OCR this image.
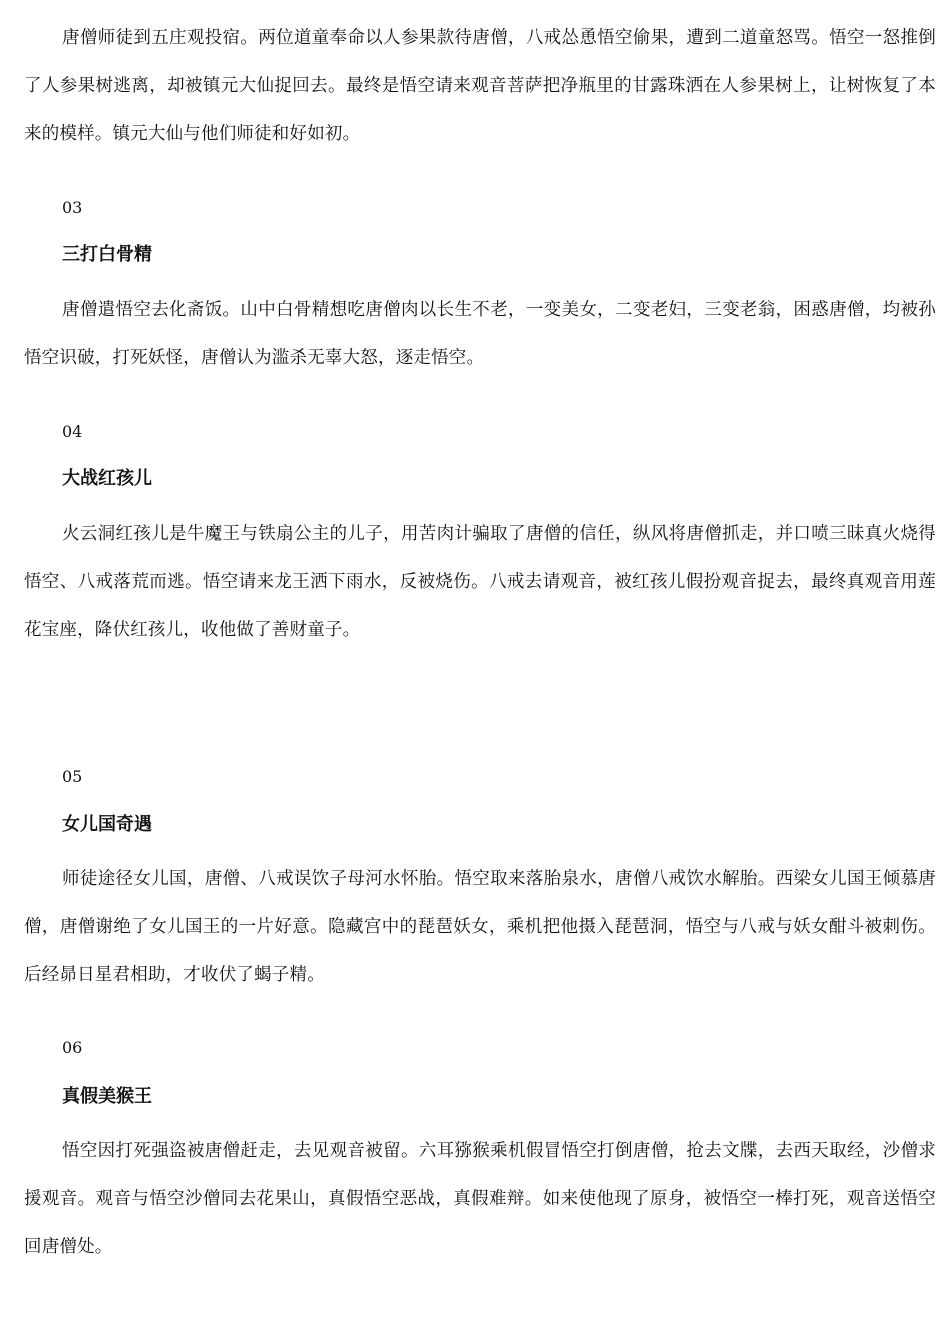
唐僧师徒到五庄观投宿。两位道童奉命以人参果款待唐僧，八戒怂恿悟空偷果，遭到二道童怒骂。悟空一怒推倒了人参果树逃离，却被镇元大仙捉回去。最终是悟空请来观音菩萨把净瓶里的甘露珠洒在人参果树上，让树恢复了本来的模样。镇元大仙与他们师徒和好如初。

03
三打白骨精

唐僧遣悟空去化斋饭。山中白骨精想吃唐僧肉以长生不老，一变美女，二变老妇，三变老翁，困惑唐僧，均被孙悟空识破，打死妖怪，唐僧认为滥杀无辜大怒，逐走悟空。

04
大战红孩儿

火云洞红孩儿是牛魔王与铁扇公主的儿子，用苦肉计骗取了唐僧的信任，纵风将唐僧抓走，并口喷三昧真火烧得悟空、八戒落荒而逃。悟空请来龙王洒下雨水，反被烧伤。八戒去请观音，被红孩儿假扮观音捉去，最终真观音用莲花宝座，降伏红孩儿，收他做了善财童子。

05
女儿国奇遇

师徒途径女儿国，唐僧、八戒误饮子母河水怀胎。悟空取来落胎泉水，唐僧八戒饮水解胎。西梁女儿国王倾慕唐僧，唐僧谢绝了女儿国王的一片好意。隐藏宫中的琵琶妖女，乘机把他摄入琵琶洞，悟空与八戒与妖女酣斗被刺伤。后经昴日星君相助，才收伏了蝎子精。

06
真假美猴王

悟空因打死强盗被唐僧赶走，去见观音被留。六耳猕猴乘机假冒悟空打倒唐僧，抢去文牒，去西天取经，沙僧求援观音。观音与悟空沙僧同去花果山，真假悟空恶战，真假难辩。如来使他现了原身，被悟空一棒打死，观音送悟空回唐僧处。
